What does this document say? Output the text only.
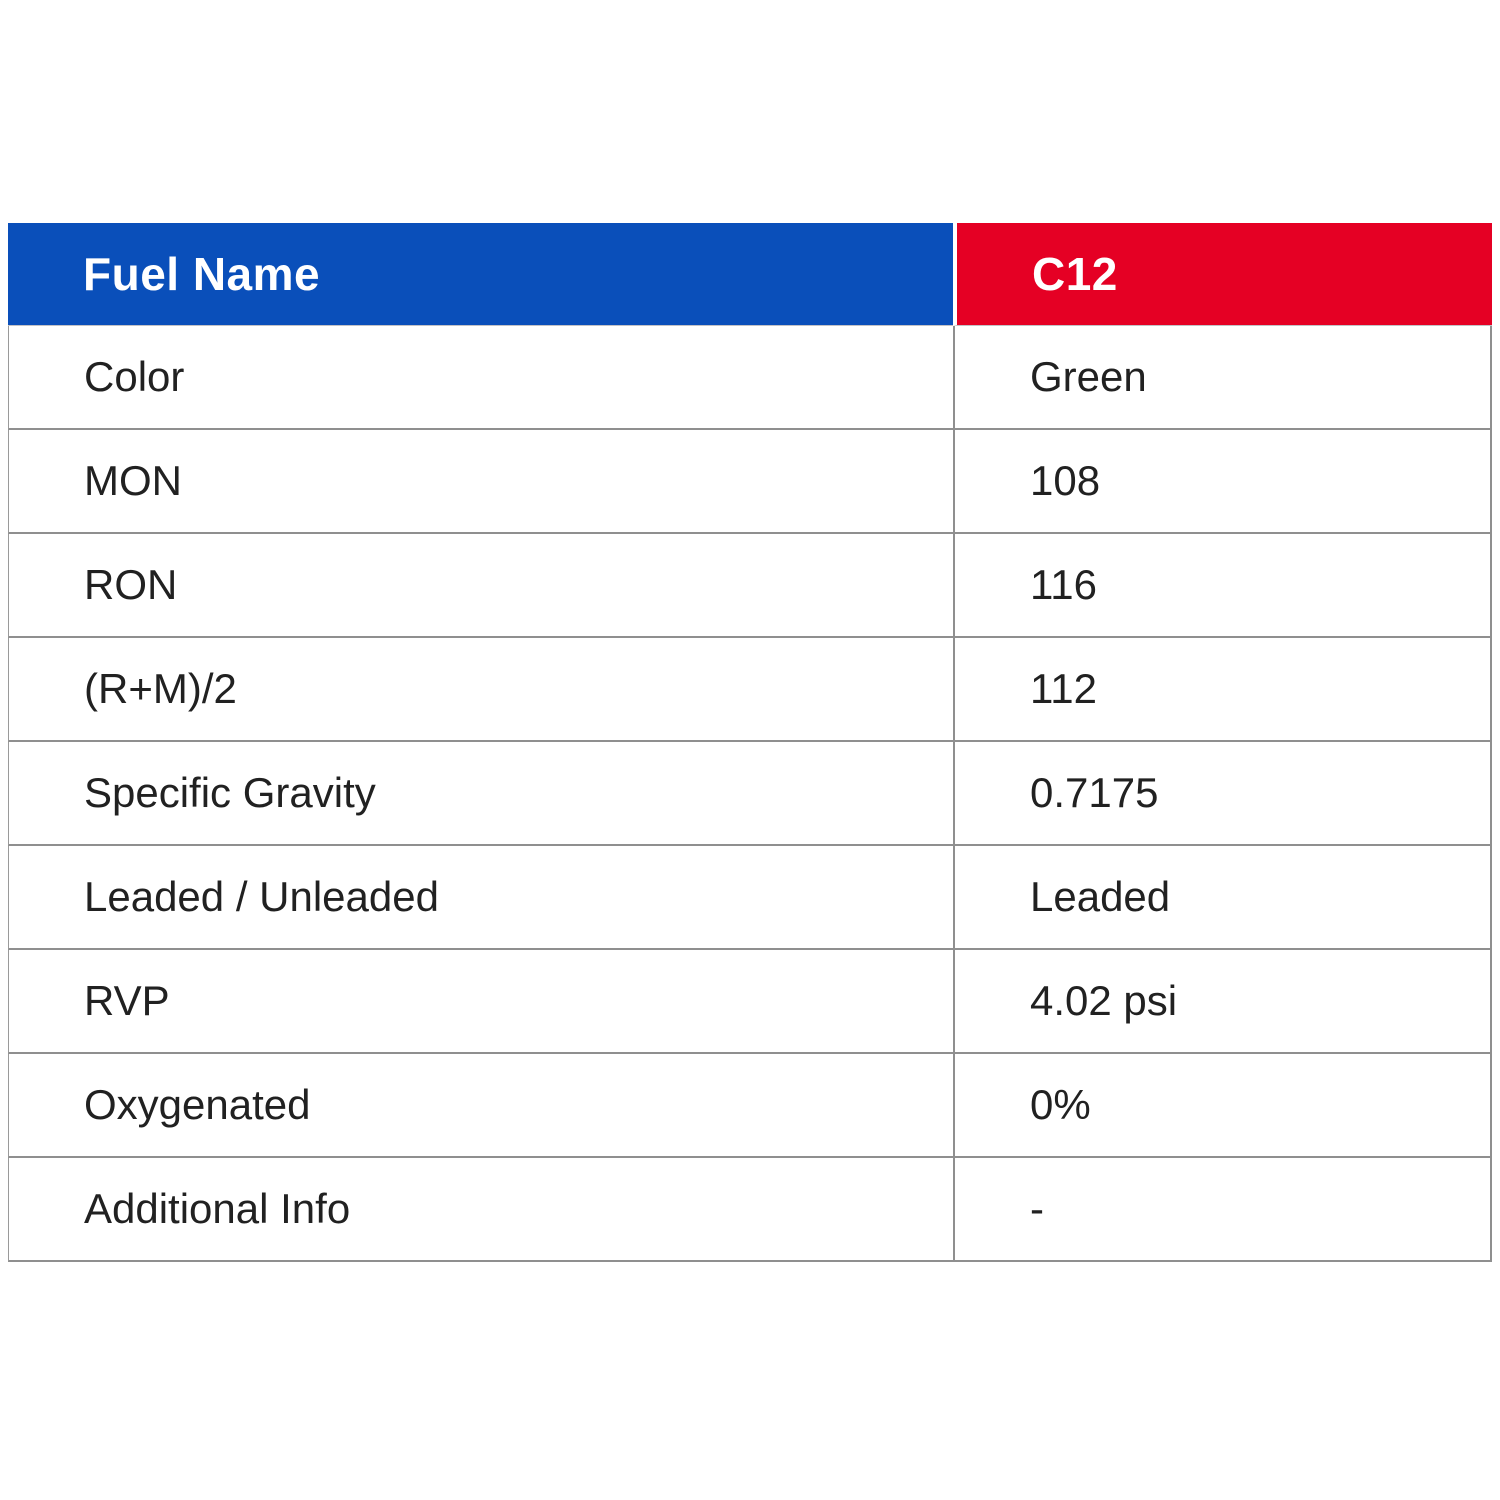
Fuel Name	C12
Color	Green
MON	108
RON	116
(R+M)/2	112
Specific Gravity	0.7175
Leaded / Unleaded	Leaded
RVP	4.02 psi
Oxygenated	0%
Additional Info	-
